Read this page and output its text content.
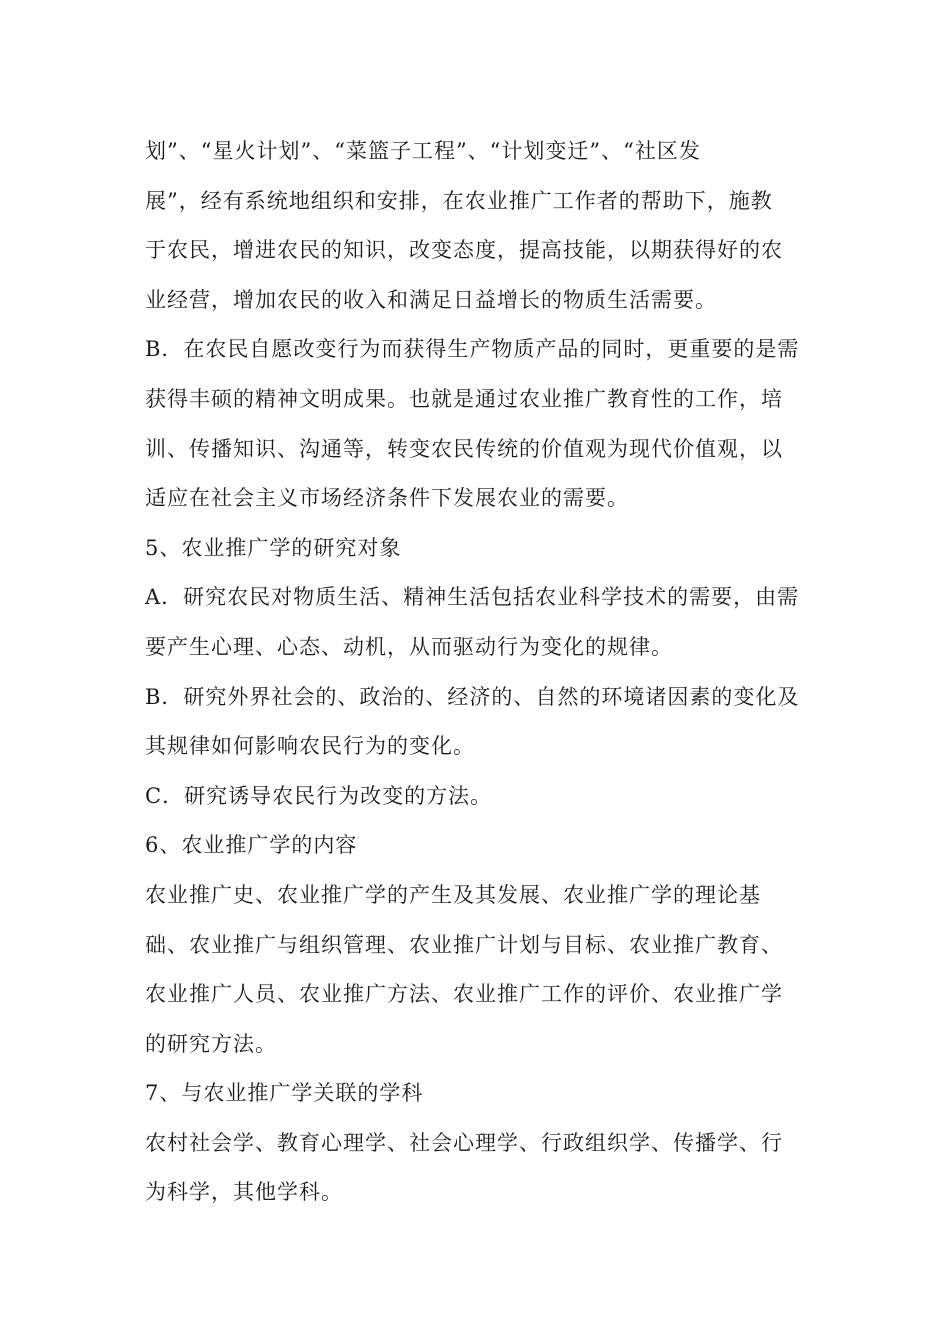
划”、“星火计划”、“菜篮子工程”、“计划变迁”、“社区发
展”，经有系统地组织和安排，在农业推广工作者的帮助下，施教
于农民，增进农民的知识，改变态度，提高技能，以期获得好的农
业经营，增加农民的收入和满足日益增长的物质生活需要。
B．在农民自愿改变行为而获得生产物质产品的同时，更重要的是需
获得丰硕的精神文明成果。也就是通过农业推广教育性的工作，培
训、传播知识、沟通等，转变农民传统的价值观为现代价值观，以
适应在社会主义市场经济条件下发展农业的需要。
5、农业推广学的研究对象
A．研究农民对物质生活、精神生活包括农业科学技术的需要，由需
要产生心理、心态、动机，从而驱动行为变化的规律。
B．研究外界社会的、政治的、经济的、自然的环境诸因素的变化及
其规律如何影响农民行为的变化。
C．研究诱导农民行为改变的方法。
6、农业推广学的内容
农业推广史、农业推广学的产生及其发展、农业推广学的理论基
础、农业推广与组织管理、农业推广计划与目标、农业推广教育、
农业推广人员、农业推广方法、农业推广工作的评价、农业推广学
的研究方法。
7、与农业推广学关联的学科
农村社会学、教育心理学、社会心理学、行政组织学、传播学、行
为科学，其他学科。
